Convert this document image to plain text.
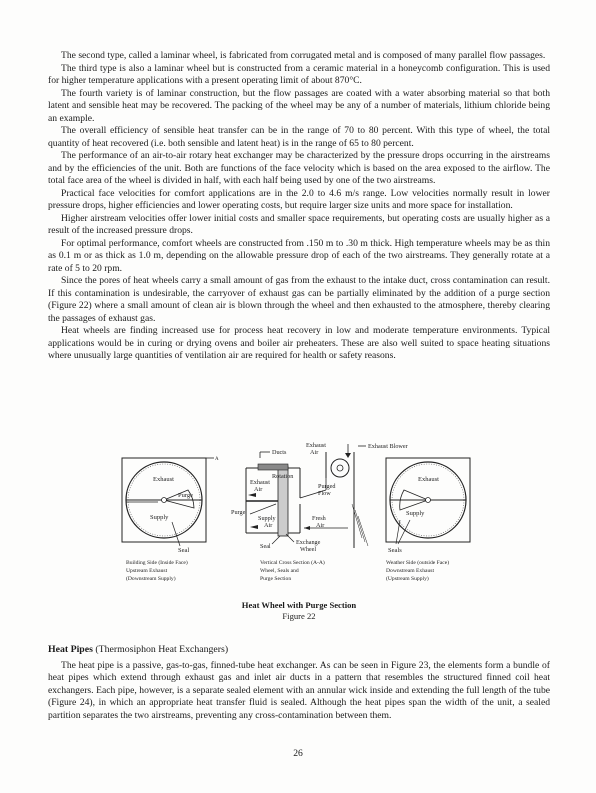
The second type, called a laminar wheel, is fabricated from corrugated metal and is composed of many parallel flow passages.

The third type is also a laminar wheel but is constructed from a ceramic material in a honeycomb configuration. This is used for higher temperature applications with a present operating limit of about 870°C.

The fourth variety is of laminar construction, but the flow passages are coated with a water absorbing material so that both latent and sensible heat may be recovered. The packing of the wheel may be any of a number of materials, lithium chloride being an example.

The overall efficiency of sensible heat transfer can be in the range of 70 to 80 percent. With this type of wheel, the total quantity of heat recovered (i.e. both sensible and latent heat) is in the range of 65 to 80 percent.

The performance of an air-to-air rotary heat exchanger may be characterized by the pressure drops occurring in the airstreams and by the efficiencies of the unit. Both are functions of the face velocity which is based on the area exposed to the airflow. The total face area of the wheel is divided in half, with each half being used by one of the two airstreams.

Practical face velocities for comfort applications are in the 2.0 to 4.6 m/s range. Low velocities normally result in lower pressure drops, higher efficiencies and lower operating costs, but require larger size units and more space for installation.

Higher airstream velocities offer lower initial costs and smaller space requirements, but operating costs are usually higher as a result of the increased pressure drops.

For optimal performance, comfort wheels are constructed from .150 m to .30 m thick. High temperature wheels may be as thin as 0.1 m or as thick as 1.0 m, depending on the allowable pressure drop of each of the two airstreams. They generally rotate at a rate of 5 to 20 rpm.

Since the pores of heat wheels carry a small amount of gas from the exhaust to the intake duct, cross contamination can result. If this contamination is undesirable, the carryover of exhaust gas can be partially eliminated by the addition of a purge section (Figure 22) where a small amount of clean air is blown through the wheel and then exhausted to the atmosphere, thereby clearing the passages of exhaust gas.

Heat wheels are finding increased use for process heat recovery in low and moderate temperature environments. Typical applications would be in curing or drying ovens and boiler air preheaters. These are also well suited to space heating situations where unusually large quantities of ventilation air are required for health or safety reasons.

A
Exhaust
Purge
Supply
Seal
Building Side (Inside Face)
Upstream Exhaust
(Downstream Supply)
Ducts
Exhaust
Air
Exhaust Blower
Rotation
Exhaust
Air	Purged
Flow
Purge
Supply
Air
Fresh
Air
Seal
Exchange
Wheel
Vertical Cross Section (A-A)
Wheel, Seals and
Purge Section
Exhaust
Supply
Seals
Weather Side (outside Face)
Downstream Exhaust
(Upstream Supply)
Heat Wheel with Purge Section
Figure 22
Heat Pipes (Thermosiphon Heat Exchangers)

The heat pipe is a passive, gas-to-gas, finned-tube heat exchanger. As can be seen in Figure 23, the elements form a bundle of heat pipes which extend through exhaust gas and inlet air ducts in a pattern that resembles the structured finned coil heat exchangers. Each pipe, however, is a separate sealed element with an annular wick inside and extending the full length of the tube (Figure 24), in which an appropriate heat transfer fluid is sealed. Although the heat pipes span the width of the unit, a sealed partition separates the two airstreams, preventing any cross-contamination between them.

26
